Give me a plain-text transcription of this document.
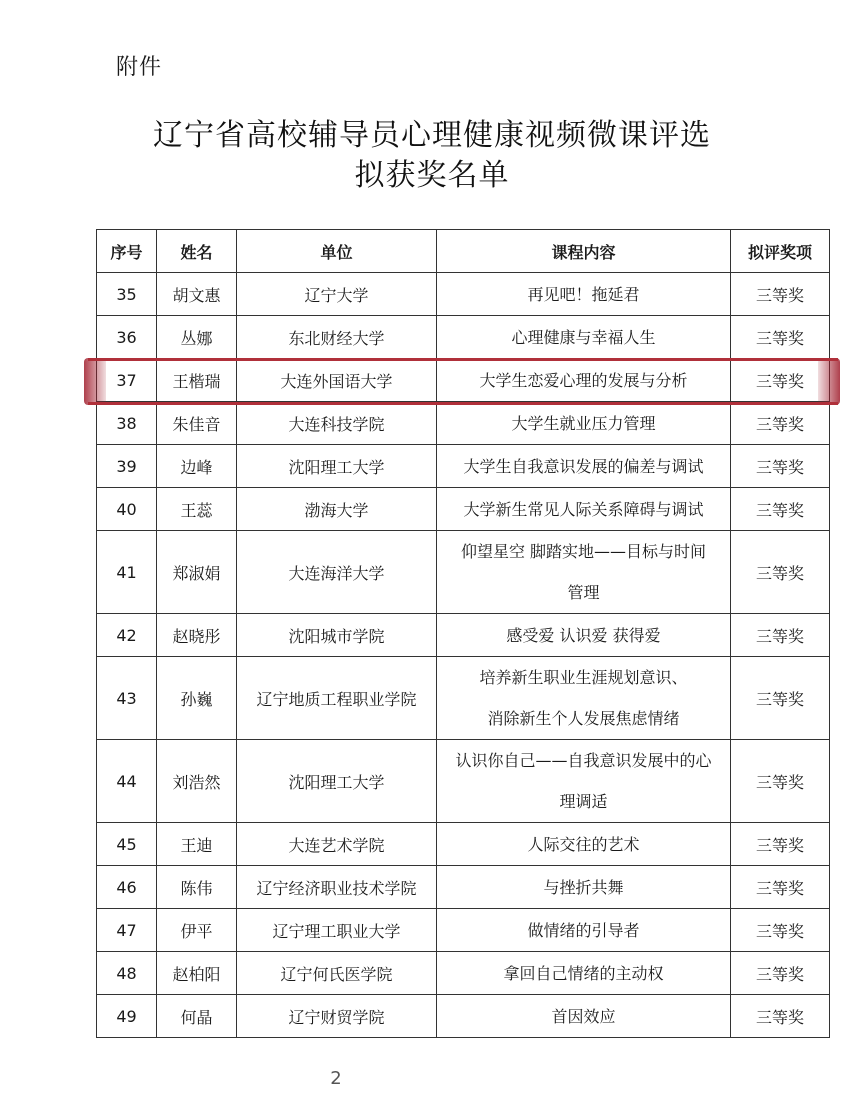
附件
辽宁省高校辅导员心理健康视频微课评选
拟获奖名单
序号	姓名	单位	课程内容	拟评奖项
35	胡文惠	辽宁大学	再见吧！拖延君	三等奖
36	丛娜	东北财经大学	心理健康与幸福人生	三等奖
37	王楷瑞	大连外国语大学	大学生恋爱心理的发展与分析	三等奖
38	朱佳音	大连科技学院	大学生就业压力管理	三等奖
39	边峰	沈阳理工大学	大学生自我意识发展的偏差与调试	三等奖
40	王蕊	渤海大学	大学新生常见人际关系障碍与调试	三等奖
41	郑淑娟	大连海洋大学	仰望星空 脚踏实地——目标与时间
管理	三等奖
42	赵晓彤	沈阳城市学院	感受爱 认识爱 获得爱	三等奖
43	孙巍	辽宁地质工程职业学院	培养新生职业生涯规划意识、
消除新生个人发展焦虑情绪	三等奖
44	刘浩然	沈阳理工大学	认识你自己——自我意识发展中的心
理调适	三等奖
45	王迪	大连艺术学院	人际交往的艺术	三等奖
46	陈伟	辽宁经济职业技术学院	与挫折共舞	三等奖
47	伊平	辽宁理工职业大学	做情绪的引导者	三等奖
48	赵柏阳	辽宁何氏医学院	拿回自己情绪的主动权	三等奖
49	何晶	辽宁财贸学院	首因效应	三等奖
2
